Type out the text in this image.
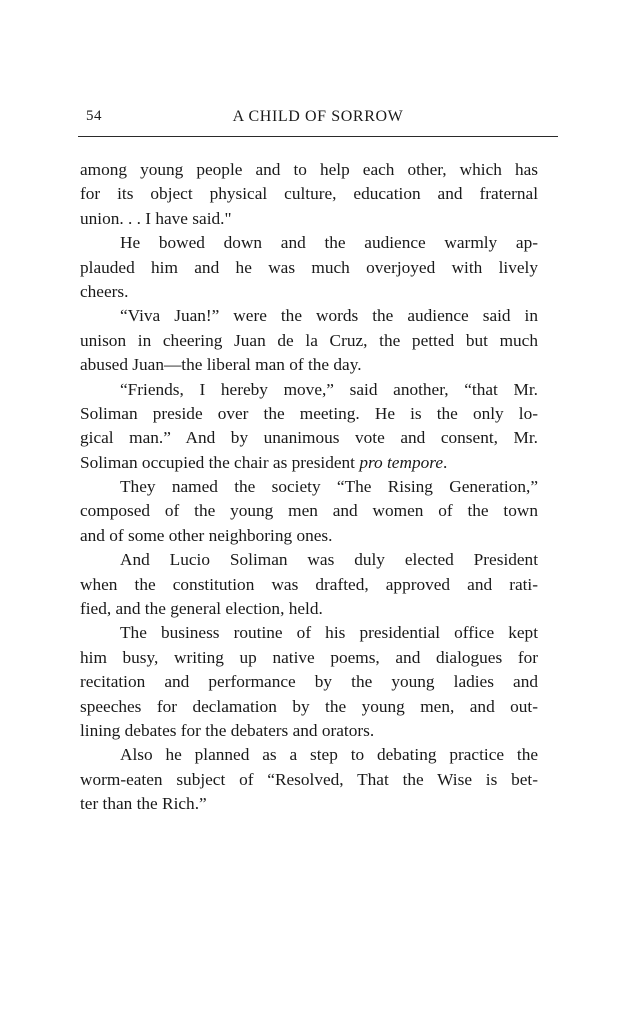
54	A CHILD OF SORROW
among young people and to help each other, which has
for its object physical culture, education and fraternal
union. . . I have said."
He bowed down and the audience warmly ap-
plauded him and he was much overjoyed with lively
cheers.
“Viva Juan!” were the words the audience said in
unison in cheering Juan de la Cruz, the petted but much
abused Juan—the liberal man of the day.
“Friends, I hereby move,” said another, “that Mr.
Soliman preside over the meeting. He is the only lo-
gical man.” And by unanimous vote and consent, Mr.
Soliman occupied the chair as president pro tempore.
They named the society “The Rising Generation,”
composed of the young men and women of the town
and of some other neighboring ones.
And Lucio Soliman was duly elected President
when the constitution was drafted, approved and rati-
fied, and the general election, held.
The business routine of his presidential office kept
him busy, writing up native poems, and dialogues for
recitation and performance by the young ladies and
speeches for declamation by the young men, and out-
lining debates for the debaters and orators.
Also he planned as a step to debating practice the
worm-eaten subject of “Resolved, That the Wise is bet-
ter than the Rich.”
